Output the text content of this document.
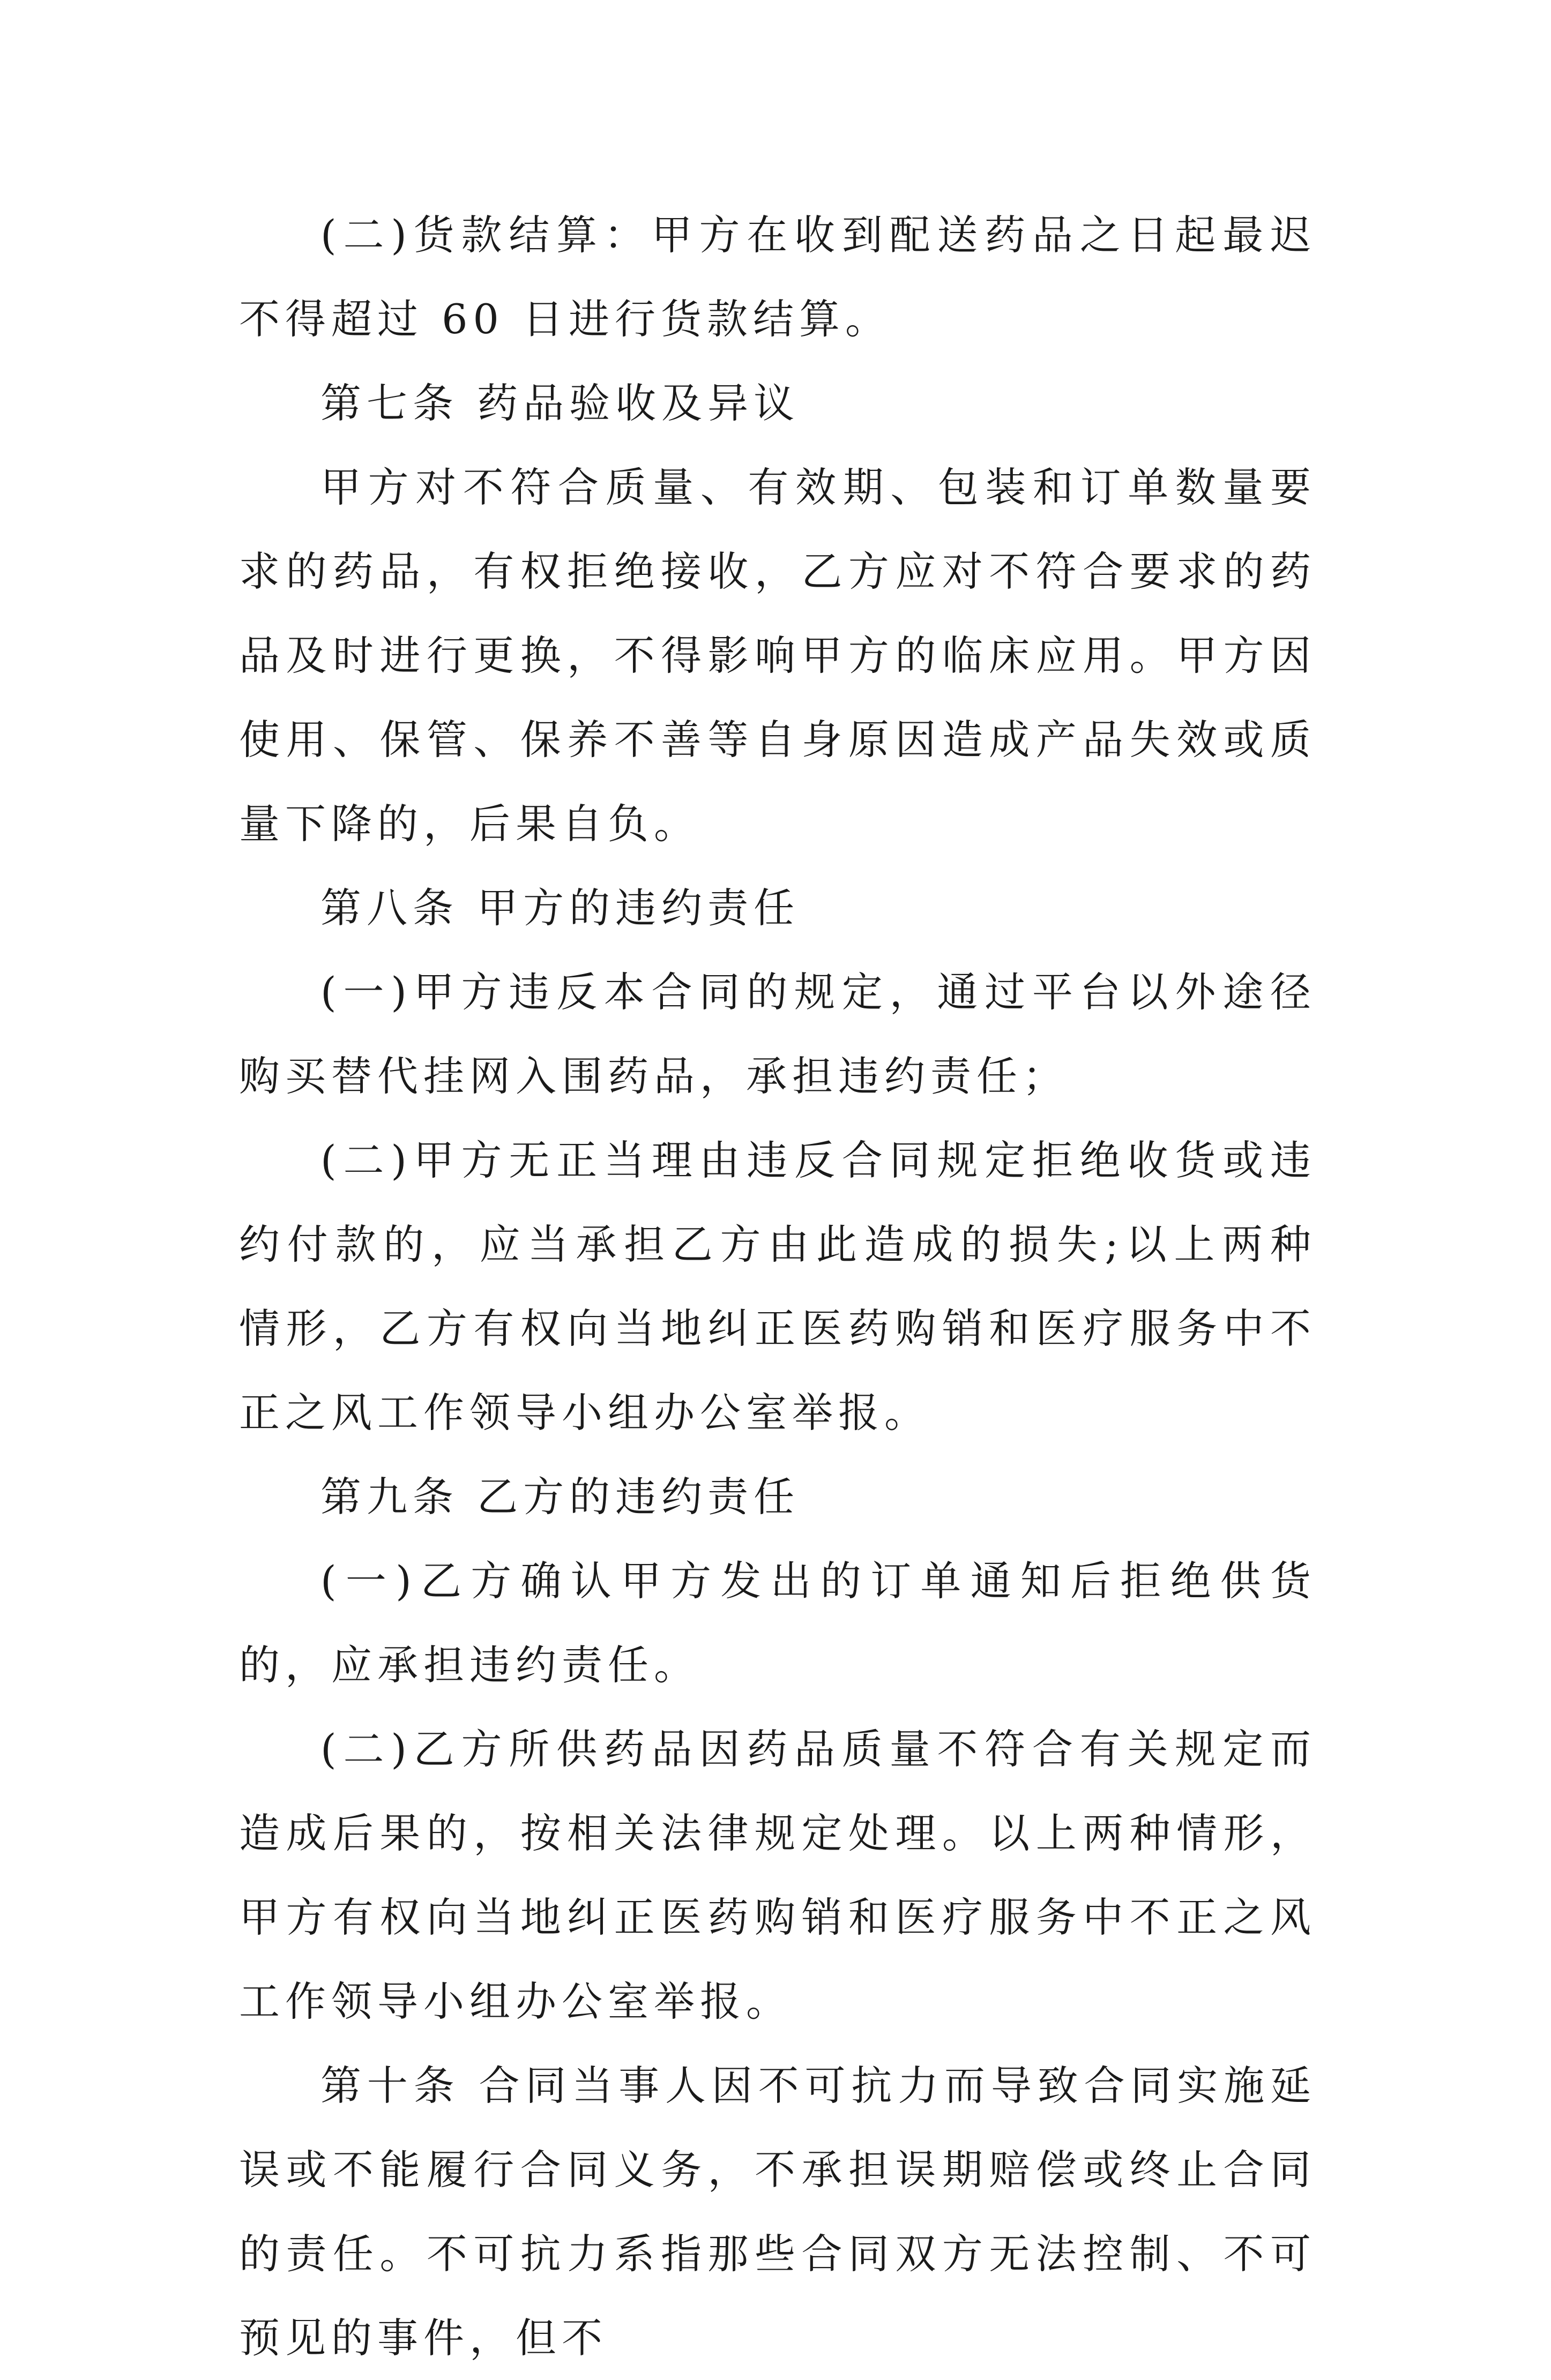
(二)货款结算：甲方在收到配送药品之日起最迟不得超过 60 日进行货款结算。

第七条 药品验收及异议

甲方对不符合质量、有效期、包装和订单数量要求的药品，有权拒绝接收，乙方应对不符合要求的药品及时进行更换，不得影响甲方的临床应用。甲方因使用、保管、保养不善等自身原因造成产品失效或质量下降的，后果自负。

第八条 甲方的违约责任

(一)甲方违反本合同的规定，通过平台以外途径购买替代挂网入围药品，承担违约责任；

(二)甲方无正当理由违反合同规定拒绝收货或违约付款的，应当承担乙方由此造成的损失;以上两种情形，乙方有权向当地纠正医药购销和医疗服务中不正之风工作领导小组办公室举报。

第九条 乙方的违约责任

(一)乙方确认甲方发出的订单通知后拒绝供货的，应承担违约责任。

(二)乙方所供药品因药品质量不符合有关规定而造成后果的，按相关法律规定处理。以上两种情形，甲方有权向当地纠正医药购销和医疗服务中不正之风工作领导小组办公室举报。

第十条 合同当事人因不可抗力而导致合同实施延误或不能履行合同义务，不承担误期赔偿或终止合同的责任。不可抗力系指那些合同双方无法控制、不可预见的事件，但不
